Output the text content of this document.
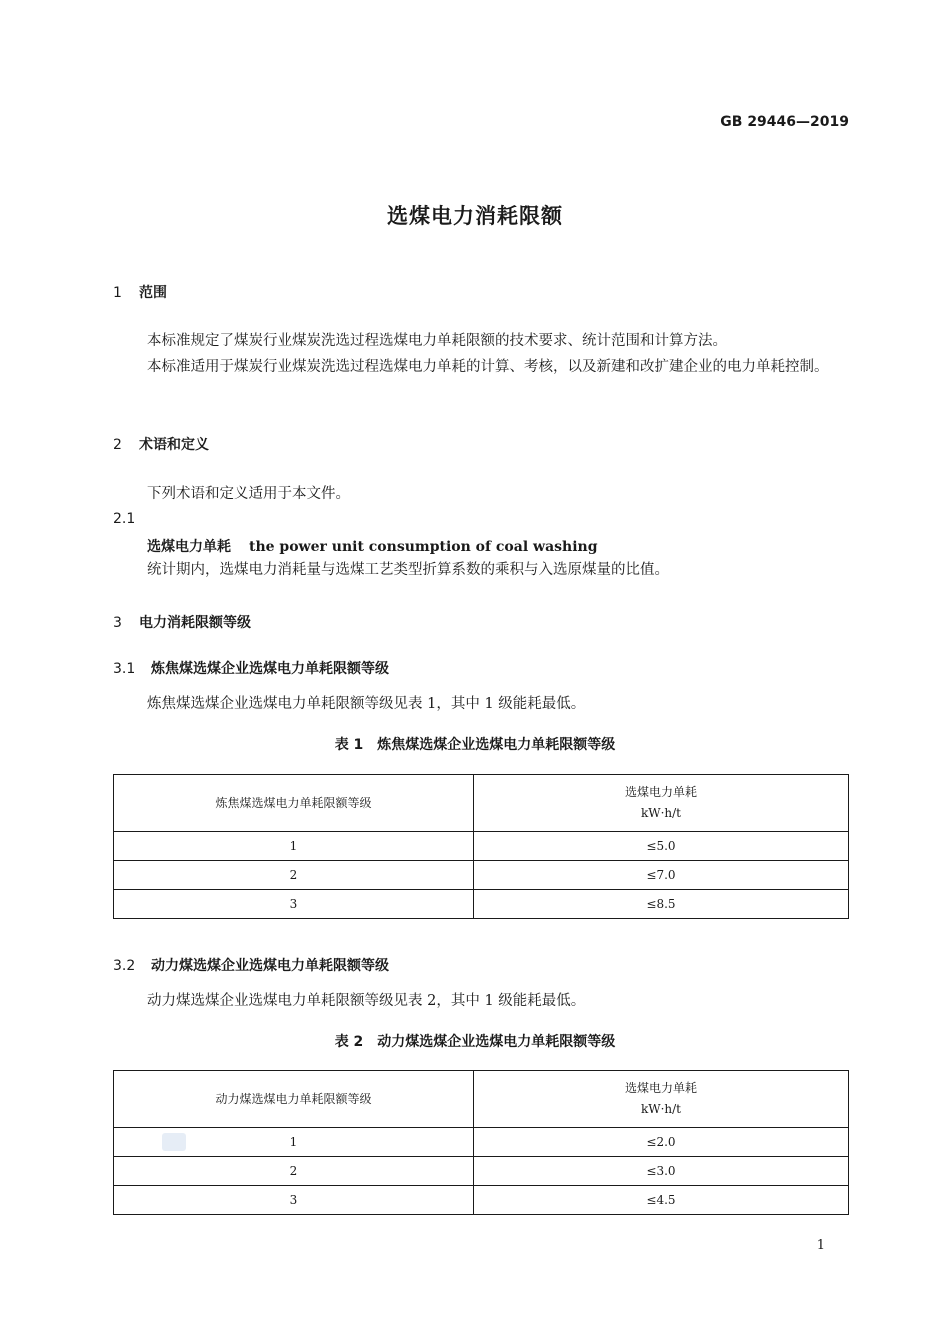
GB 29446—2019
选煤电力消耗限额
1 范围
本标准规定了煤炭行业煤炭洗选过程选煤电力单耗限额的技术要求、统计范围和计算方法。
本标准适用于煤炭行业煤炭洗选过程选煤电力单耗的计算、考核，以及新建和改扩建企业的电力单耗控制。
2 术语和定义
下列术语和定义适用于本文件。
2.1
选煤电力单耗 the power unit consumption of coal washing
统计期内，选煤电力消耗量与选煤工艺类型折算系数的乘积与入选原煤量的比值。
3 电力消耗限额等级
3.1 炼焦煤选煤企业选煤电力单耗限额等级
炼焦煤选煤企业选煤电力单耗限额等级见表 1，其中 1 级能耗最低。
表 1　炼焦煤选煤企业选煤电力单耗限额等级
炼焦煤选煤电力单耗限额等级	选煤电力单耗
kW·h/t

1	≤5.0
2	≤7.0
3	≤8.5
3.2 动力煤选煤企业选煤电力单耗限额等级
动力煤选煤企业选煤电力单耗限额等级见表 2，其中 1 级能耗最低。
表 2　动力煤选煤企业选煤电力单耗限额等级
动力煤选煤电力单耗限额等级	选煤电力单耗
kW·h/t

1	≤2.0
2	≤3.0
3	≤4.5
1
